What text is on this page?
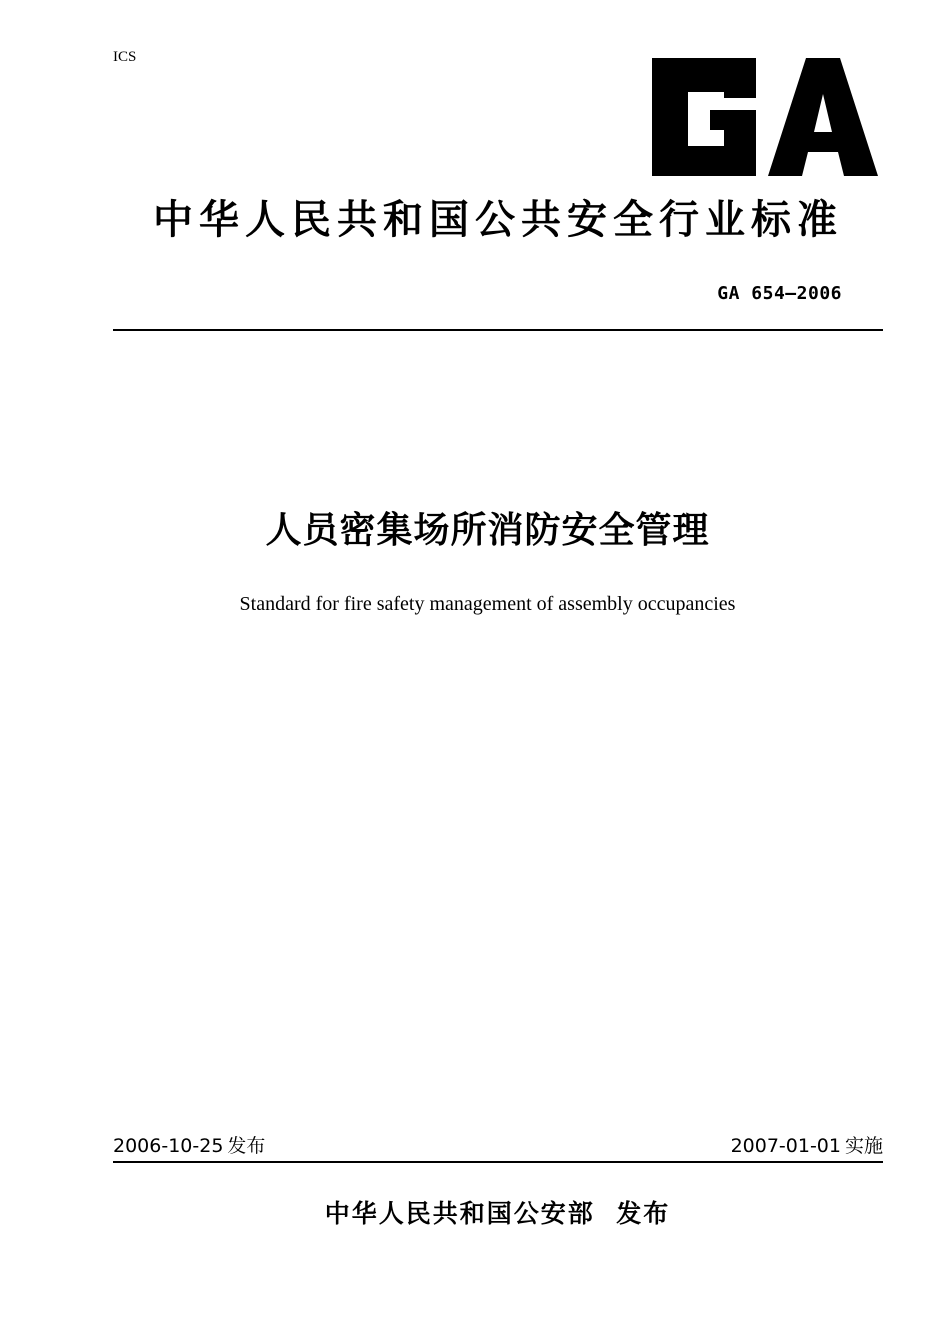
ICS
中华人民共和国公共安全行业标准
GA 654—2006
人员密集场所消防安全管理
Standard for fire safety management of assembly occupancies
2006-10-25 发布	2007-01-01 实施
中华人民共和国公安部  发布
